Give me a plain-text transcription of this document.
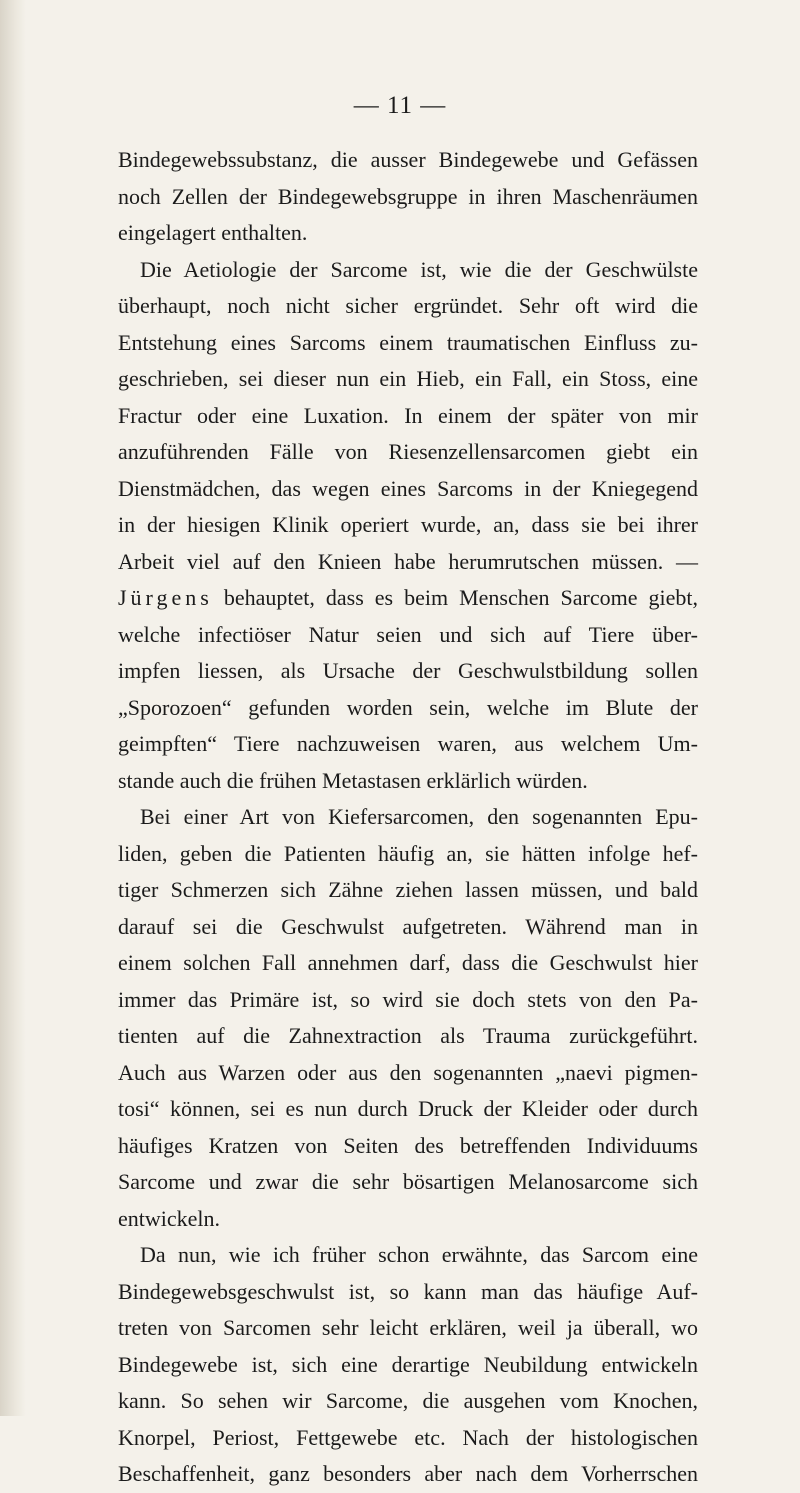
— 11 —
Bindegewebssubstanz, die ausser Bindegewebe und Gefässen
noch Zellen der Bindegewebsgruppe in ihren Maschenräumen
eingelagert enthalten.
Die Aetiologie der Sarcome ist, wie die der Geschwülste
überhaupt, noch nicht sicher ergründet. Sehr oft wird die
Entstehung eines Sarcoms einem traumatischen Einfluss zu-
geschrieben, sei dieser nun ein Hieb, ein Fall, ein Stoss, eine
Fractur oder eine Luxation. In einem der später von mir
anzuführenden Fälle von Riesenzellensarcomen giebt ein
Dienstmädchen, das wegen eines Sarcoms in der Kniegegend
in der hiesigen Klinik operiert wurde, an, dass sie bei ihrer
Arbeit viel auf den Knieen habe herumrutschen müssen. —
Jürgens behauptet, dass es beim Menschen Sarcome giebt,
welche infectiöser Natur seien und sich auf Tiere über-
impfen liessen, als Ursache der Geschwulstbildung sollen
„Sporozoen“ gefunden worden sein, welche im Blute der
geimpften“ Tiere nachzuweisen waren, aus welchem Um-
stande auch die frühen Metastasen erklärlich würden.
Bei einer Art von Kiefersarcomen, den sogenannten Epu-
liden, geben die Patienten häufig an, sie hätten infolge hef-
tiger Schmerzen sich Zähne ziehen lassen müssen, und bald
darauf sei die Geschwulst aufgetreten. Während man in
einem solchen Fall annehmen darf, dass die Geschwulst hier
immer das Primäre ist, so wird sie doch stets von den Pa-
tienten auf die Zahnextraction als Trauma zurückgeführt.
Auch aus Warzen oder aus den sogenannten „naevi pigmen-
tosi“ können, sei es nun durch Druck der Kleider oder durch
häufiges Kratzen von Seiten des betreffenden Individuums
Sarcome und zwar die sehr bösartigen Melanosarcome sich
entwickeln.
Da nun, wie ich früher schon erwähnte, das Sarcom eine
Bindegewebsgeschwulst ist, so kann man das häufige Auf-
treten von Sarcomen sehr leicht erklären, weil ja überall, wo
Bindegewebe ist, sich eine derartige Neubildung entwickeln
kann. So sehen wir Sarcome, die ausgehen vom Knochen,
Knorpel, Periost, Fettgewebe etc. Nach der histologischen
Beschaffenheit, ganz besonders aber nach dem Vorherrschen
